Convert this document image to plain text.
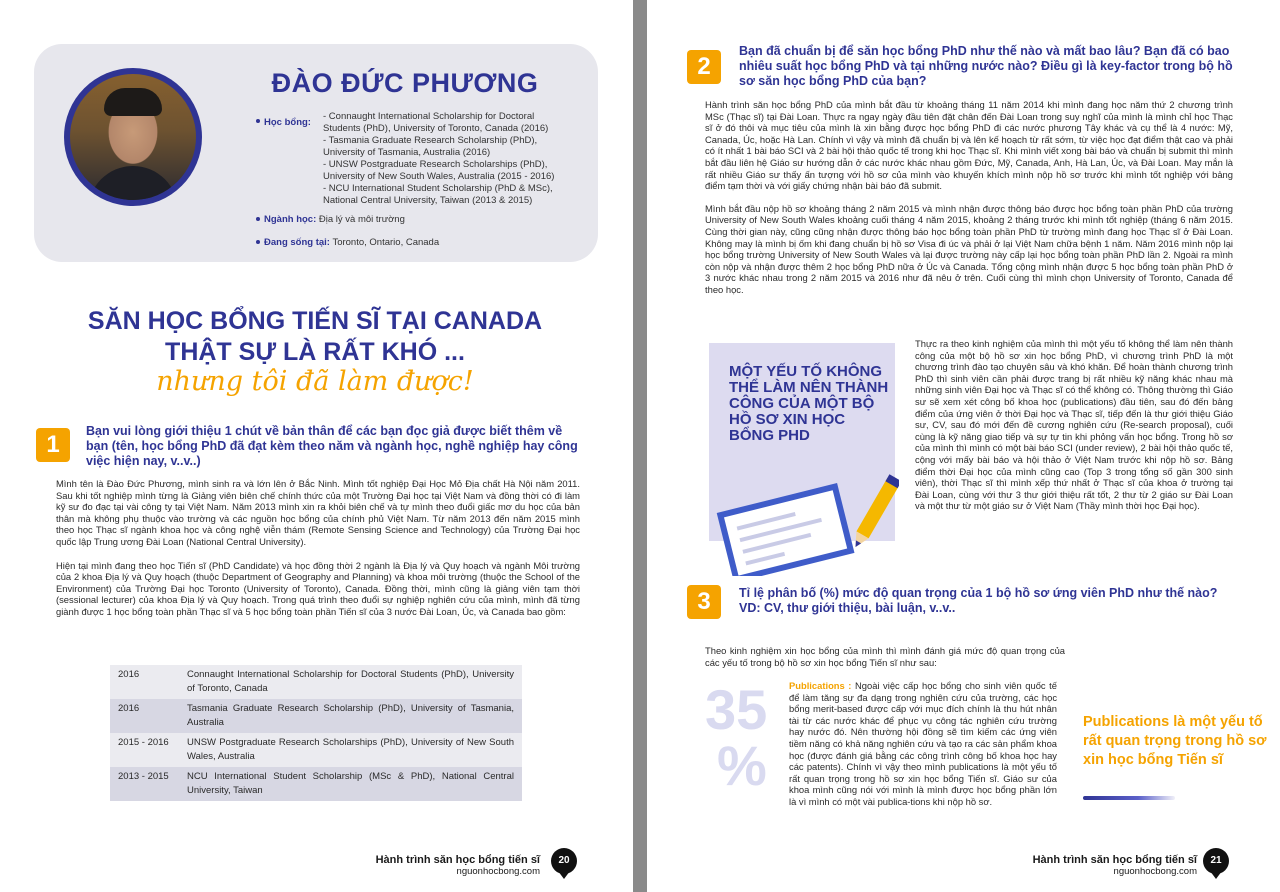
ĐÀO ĐỨC PHƯƠNG
Học bổng:

- Connaught International Scholarship for Doctoral Students (PhD), University of Toronto, Canada (2016)

- Tasmania Graduate Research Scholarship (PhD), University of Tasmania, Australia (2016)

- UNSW Postgraduate Research Scholarships (PhD), University of New South Wales, Australia (2015 - 2016)

- NCU International Student Scholarship (PhD & MSc), National Central University, Taiwan (2013 & 2015)

Ngành học: Địa lý và môi trường
Đang sống tại: Toronto, Ontario, Canada
SĂN HỌC BỔNG TIẾN SĨ TẠI CANADA
THẬT SỰ LÀ RẤT KHÓ ...
nhưng tôi đã làm được!
1	Bạn vui lòng giới thiệu 1 chút về bản thân để các bạn đọc giả được biết thêm về bạn (tên, học bổng PhD đã đạt kèm theo năm và ngành học, nghề nghiệp hay công việc hiện nay, v..v..)

Mình tên là Đào Đức Phương, mình sinh ra và lớn lên ở Bắc Ninh. Mình tốt nghiệp Đại Học Mỏ Địa chất Hà Nội năm 2011. Sau khi tốt nghiệp mình từng là Giảng viên biên chế chính thức của một Trường Đại học tại Việt Nam và đồng thời có đi làm kỹ sư đo đạc tại vài công ty tại Việt Nam. Năm 2013 mình xin ra khỏi biên chế và tự mình theo đuổi giấc mơ du học của bản thân mà không phụ thuộc vào trường và các nguồn học bổng của chính phủ Việt Nam. Từ năm 2013 đến năm 2015 mình theo học Thạc sĩ ngành khoa học và công nghệ viễn thám (Remote Sensing Science and Technology) của Trường Đại học quốc lập Trung ương Đài Loan (National Central University).

Hiện tại mình đang theo học Tiến sĩ (PhD Candidate) và học đồng thời 2 ngành là Địa lý và Quy hoạch và ngành Môi trường của 2 khoa Địa lý và Quy hoạch (thuộc Department of Geography and Planning) và khoa môi trường (thuộc the School of the Environment) của Trường Đại học Toronto (University of Toronto), Canada. Đồng thời, mình cũng là giảng viên tạm thời (sessional lecturer) của khoa Địa lý và Quy hoạch. Trong quá trình theo đuổi sự nghiệp nghiên cứu của mình, mình đã từng giành được 1 học bổng toàn phần Thạc sĩ và 5 học bổng toàn phần Tiến sĩ của 3 nước Đài Loan, Úc, và Canada bao gồm:

2016	Connaught International Scholarship for Doctoral Students (PhD), University of Toronto, Canada
2016	Tasmania Graduate Research Scholarship (PhD), University of Tasmania, Australia
2015 - 2016	UNSW Postgraduate Research Scholarships (PhD), University of New South Wales, Australia
2013 - 2015	NCU International Student Scholarship (MSc & PhD), National Central University, Taiwan
Hành trình săn học bổng tiến sĩ
nguonhocbong.com
20
2
Bạn đã chuẩn bị để săn học bổng PhD như thế nào và mất bao lâu? Bạn đã có bao nhiêu suất học bổng PhD và tại những nước nào? Điều gì là key-factor trong bộ hồ sơ săn học bổng PhD của bạn?

Hành trình săn học bổng PhD của mình bắt đầu từ khoảng tháng 11 năm 2014 khi mình đang học năm thứ 2 chương trình MSc (Thạc sĩ) tại Đài Loan. Thực ra ngay ngày đầu tiên đặt chân đến Đài Loan trong suy nghĩ của mình là mình chỉ học Thạc sĩ ở đó thôi và mục tiêu của mình là xin bằng được học bổng PhD đi các nước phương Tây khác và cụ thể là 4 nước: Mỹ, Canada, Úc, hoặc Hà Lan. Chính vì vậy và mình đã chuẩn bị và lên kế hoạch từ rất sớm, từ việc học đạt điểm thật cao và phải có ít nhất 1 bài báo SCI và 2 bài hội thảo quốc tế trong khi học Thạc sĩ. Khi mình viết xong bài báo và chuẩn bị submit thì mình bắt đầu liên hệ Giáo sư hướng dẫn ở các nước khác nhau gồm Đức, Mỹ, Canada, Anh, Hà Lan, Úc, và Đài Loan. May mắn là rất nhiều Giáo sư thấy ấn tượng với hồ sơ của mình vào khuyến khích mình nộp hồ sơ trước khi mình tốt nghiệp với bảng điểm tạm thời và với giấy chứng nhận bài báo đã submit.

Mình bắt đầu nộp hồ sơ khoảng tháng 2 năm 2015 và mình nhận được thông báo được học bổng toàn phần PhD của trường University of New South Wales khoảng cuối tháng 4 năm 2015, khoảng 2 tháng trước khi mình tốt nghiệp (tháng 6 năm 2015. Cùng thời gian này, cũng cũng nhận được thông báo học bổng toàn phần PhD từ trường mình đang học Thạc sĩ ở Đài Loan. Không may là mình bị ốm khi đang chuẩn bị hồ sơ Visa đi úc và phải ở lại Việt Nam chữa bệnh 1 năm. Năm 2016 mình nộp lại học bổng trường University of New South Wales và lại được trường này cấp lại học bổng toàn phần PhD lần 2. Ngoài ra mình còn nộp và nhận được thêm 2 học bổng PhD nữa ở Úc và Canada. Tổng cộng mình nhận được 5 học bổng toàn phần PhD ở 3 nước khác nhau trong 2 năm 2015 và 2016 như đã nêu ở trên. Cuối cùng thì mình chọn University of Toronto, Canada để theo học.

MỘT YẾU TỐ KHÔNG THỂ LÀM NÊN THÀNH CÔNG CỦA MỘT BỘ HỒ SƠ XIN HỌC BỔNG PHD

Thực ra theo kinh nghiệm của mình thì một yếu tố không thể làm nên thành công của một bộ hồ sơ xin học bổng PhD, vì chương trình PhD là một chương trình đào tạo chuyên sâu và khó khăn. Để hoàn thành chương trình PhD thì sinh viên cần phải được trang bị rất nhiều kỹ năng khác nhau mà những sinh viên Đại học và Thạc sĩ có thể không có. Thông thường thì Giáo sư sẽ xem xét công bố khoa học (publications) đầu tiên, sau đó đến bảng điểm của ứng viên ở thời Đại học và Thạc sĩ, tiếp đến là thư giới thiệu Giáo sư, CV, sau đó mới đến đề cương nghiên cứu (Re-search proposal), cuối cùng là kỹ năng giao tiếp và sự tự tin khi phỏng vấn học bổng. Trong hồ sơ của mình thì mình có một bài báo SCI (under review), 2 bài hội thảo quốc tế, cộng với mấy bài báo và hội thảo ở Việt Nam trước khi nộp hồ sơ. Bảng điểm thời Đại học của mình cũng cao (Top 3 trong tổng số gần 300 sinh viên), thời Thạc sĩ thì mình xếp thứ nhất ở Thạc sĩ của khoa ở trường tại Đài Loan, cùng với thư 3 thư giới thiệu rất tốt, 2 thư từ 2 giáo sư Đài Loan và một thư từ một giáo sư ở Việt Nam (Thầy mình thời học Đại học).

3	Tỉ lệ phân bố (%) mức độ quan trọng của 1 bộ hồ sơ ứng viên PhD như thế nào? VD: CV, thư giới thiệu, bài luận, v..v..

Theo kinh nghiệm xin học bổng của mình thì mình đánh giá mức độ quan trọng của các yếu tố trong bộ hồ sơ xin học bổng Tiến sĩ như sau:

35
%
Publications : Ngoài việc cấp học bổng cho sinh viên quốc tế để làm tăng sự đa dạng trong nghiên cứu của trường, các học bổng merit-based được cấp với mục đích chính là thu hút nhân tài từ các nước khác để phục vụ công tác nghiên cứu trường hay nước đó. Nên thường hội đồng sẽ tìm kiếm các ứng viên tiềm năng có khả năng nghiên cứu và tạo ra các sản phẩm khoa học (được đánh giá bằng các công trình công bố khoa học hay các patents). Chính vì vậy theo mình publications là một yếu tố rất quan trọng trong hồ sơ xin học bổng Tiến sĩ. Giáo sư của khoa mình cũng nói với mình là mình được học bổng phần lớn là vì mình có một vài publica-tions khi nộp hồ sơ.
Publications là một yếu tố rất quan trọng trong hồ sơ xin học bổng Tiến sĩ
Hành trình săn học bổng tiến sĩ
nguonhocbong.com
21
